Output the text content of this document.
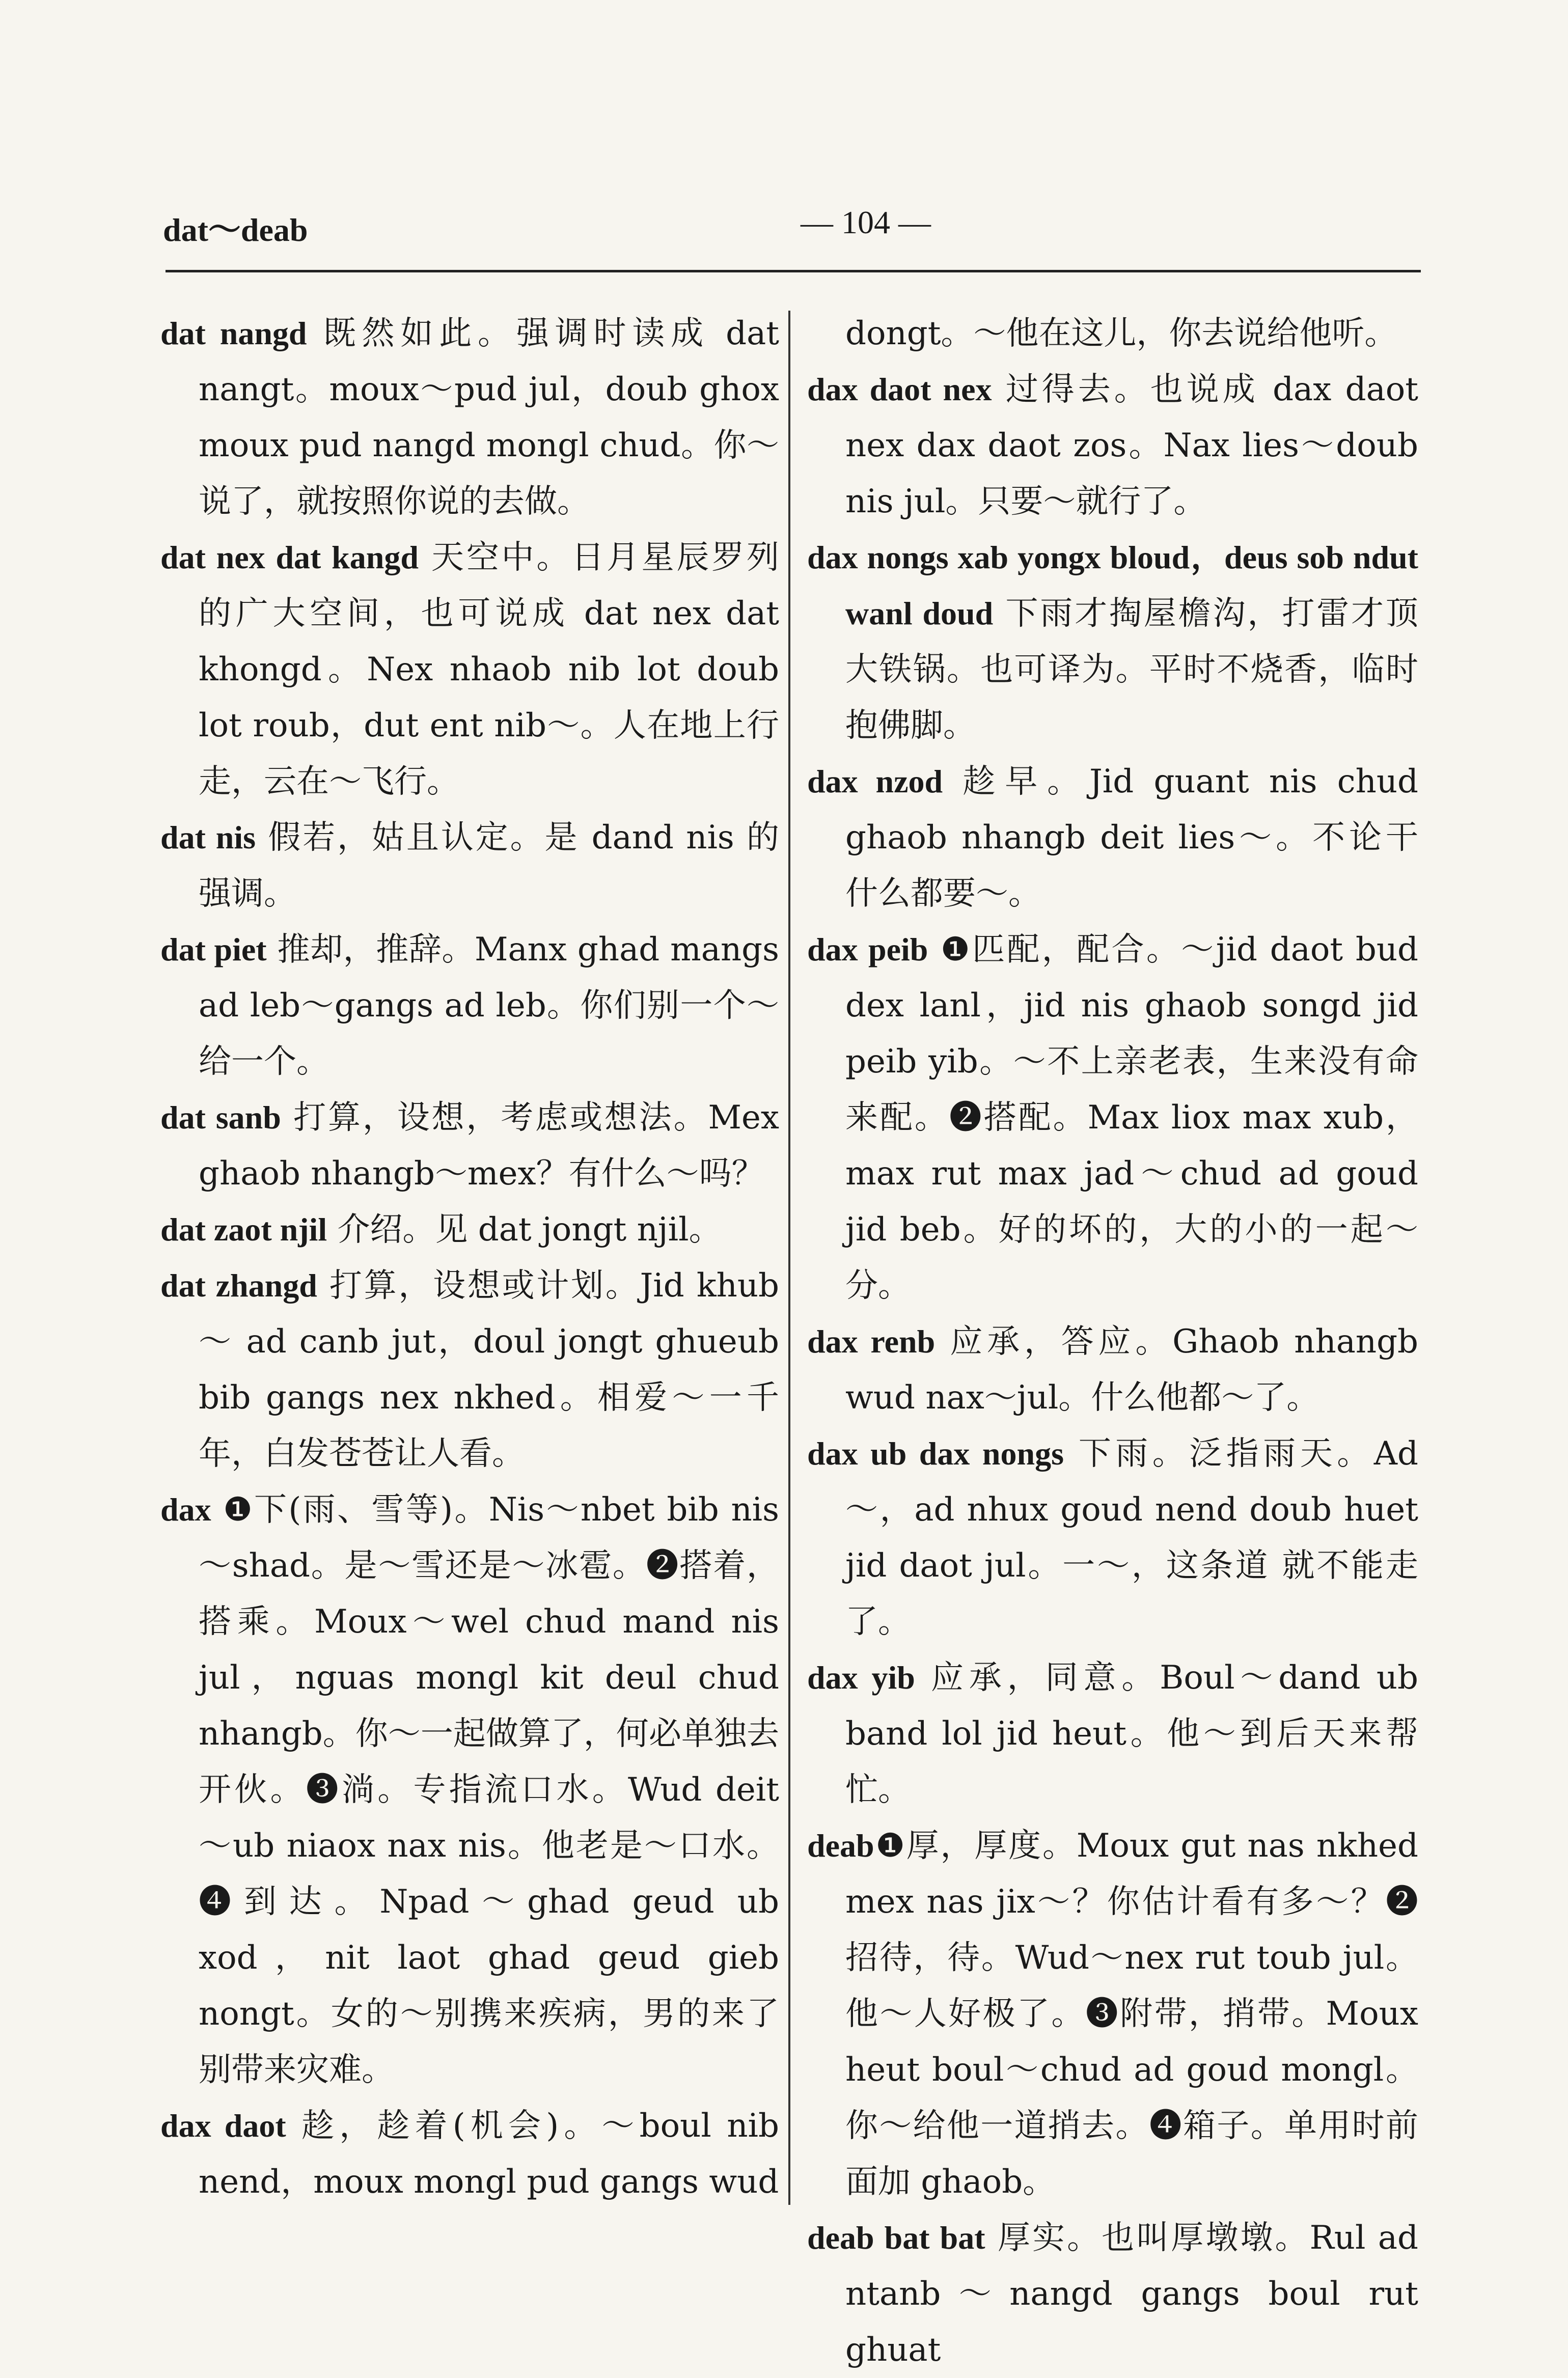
dat～deab	— 104 —

dat nangd 既然如此。强调时读成 dat nangt。moux～pud jul，doub ghox moux pud nangd mongl chud。你～说了，就按照你说的去做。

dat nex dat kangd 天空中。日月星辰罗列的广大空间，也可说成 dat nex dat khongd。Nex nhaob nib lot doub lot roub，dut ent nib～。人在地上行走，云在～飞行。

dat nis 假若，姑且认定。是 dand nis 的强调。

dat piet 推却，推辞。Manx ghad mangs ad leb～gangs ad leb。你们别一个～给一个。

dat sanb 打算，设想，考虑或想法。Mex ghaob nhangb～mex？有什么～吗？

dat zaot njil 介绍。见 dat jongt njil。

dat zhangd 打算，设想或计划。Jid khub ～ ad canb jut，doul jongt ghueub bib gangs nex nkhed。相爱～一千年，白发苍苍让人看。

dax ❶下(雨、雪等)。Nis～nbet bib nis～shad。是～雪还是～冰雹。❷搭着，搭乘。Moux～wel chud mand nis jul，nguas mongl kit deul chud nhangb。你～一起做算了，何必单独去开伙。❸淌。专指流口水。Wud deit ～ub niaox nax nis。他老是～口水。❹到达。Npad～ghad geud ub xod，nit laot ghad geud gieb nongt。女的～别携来疾病，男的来了别带来灾难。

dax daot 趁，趁着(机会)。～boul nib nend，moux mongl pud gangs wud

dongt。～他在这儿，你去说给他听。

dax daot nex 过得去。也说成 dax daot nex dax daot zos。Nax lies～doub nis jul。只要～就行了。

dax nongs xab yongx bloud，deus sob ndut wanl doud 下雨才掏屋檐沟，打雷才顶大铁锅。也可译为。平时不烧香，临时抱佛脚。

dax nzod 趁早。Jid guant nis chud ghaob nhangb deit lies～。不论干什么都要～。

dax peib ❶匹配，配合。～jid daot bud dex lanl，jid nis ghaob songd jid peib yib。～不上亲老表，生来没有命来配。❷搭配。Max liox max xub，max rut max jad～chud ad goud jid beb。好的坏的，大的小的一起～分。

dax renb 应承，答应。Ghaob nhangb wud nax～jul。什么他都～了。

dax ub dax nongs 下雨。泛指雨天。Ad～，ad nhux goud nend doub huet jid daot jul。一～，这条道 就不能走了。

dax yib 应承，同意。Boul～dand ub band lol jid heut。他～到后天来帮忙。

deab❶厚，厚度。Moux gut nas nkhed mex nas jix～？你估计看有多～？❷招待，待。Wud～nex rut toub jul。他～人好极了。❸附带，捎带。Moux heut boul～chud ad goud mongl。你～给他一道捎去。❹箱子。单用时前面加 ghaob。

deab bat bat 厚实。也叫厚墩墩。Rul ad ntanb～nangd gangs boul rut ghuat
